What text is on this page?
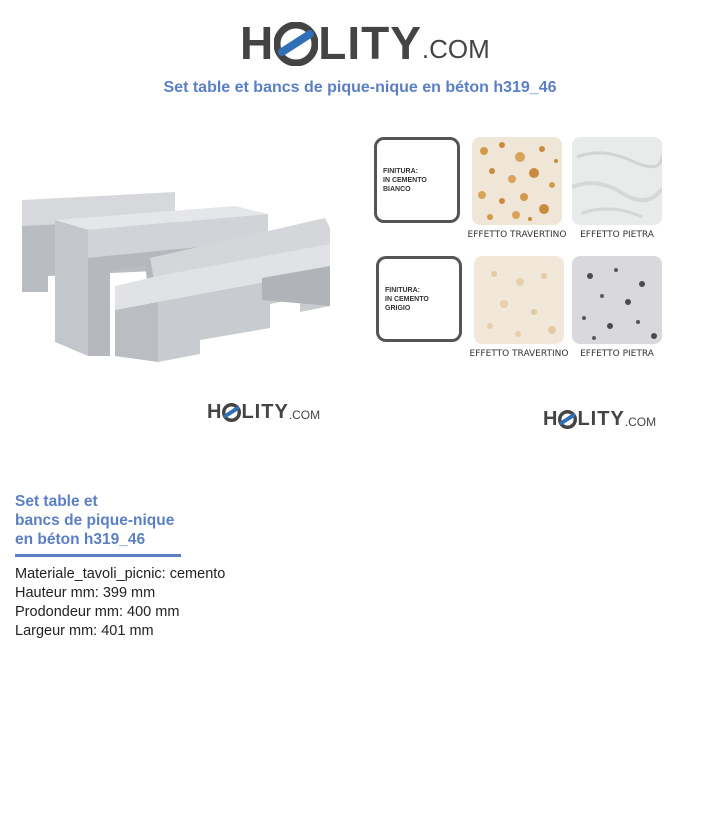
H LITY .COM
Set table et bancs de pique-nique en béton h319_46
H LITY .COM
FINITURA:
IN CEMENTO BIANCO
EFFETTO TRAVERTINO	EFFETTO PIETRA
FINITURA:
IN CEMENTO GRIGIO
EFFETTO TRAVERTINO	EFFETTO PIETRA
H LITY .COM
Set table et
bancs de pique-nique
en béton h319_46
Materiale_tavoli_picnic: cemento
Hauteur mm: 399 mm
Prodondeur mm: 400 mm
Largeur mm: 401 mm
